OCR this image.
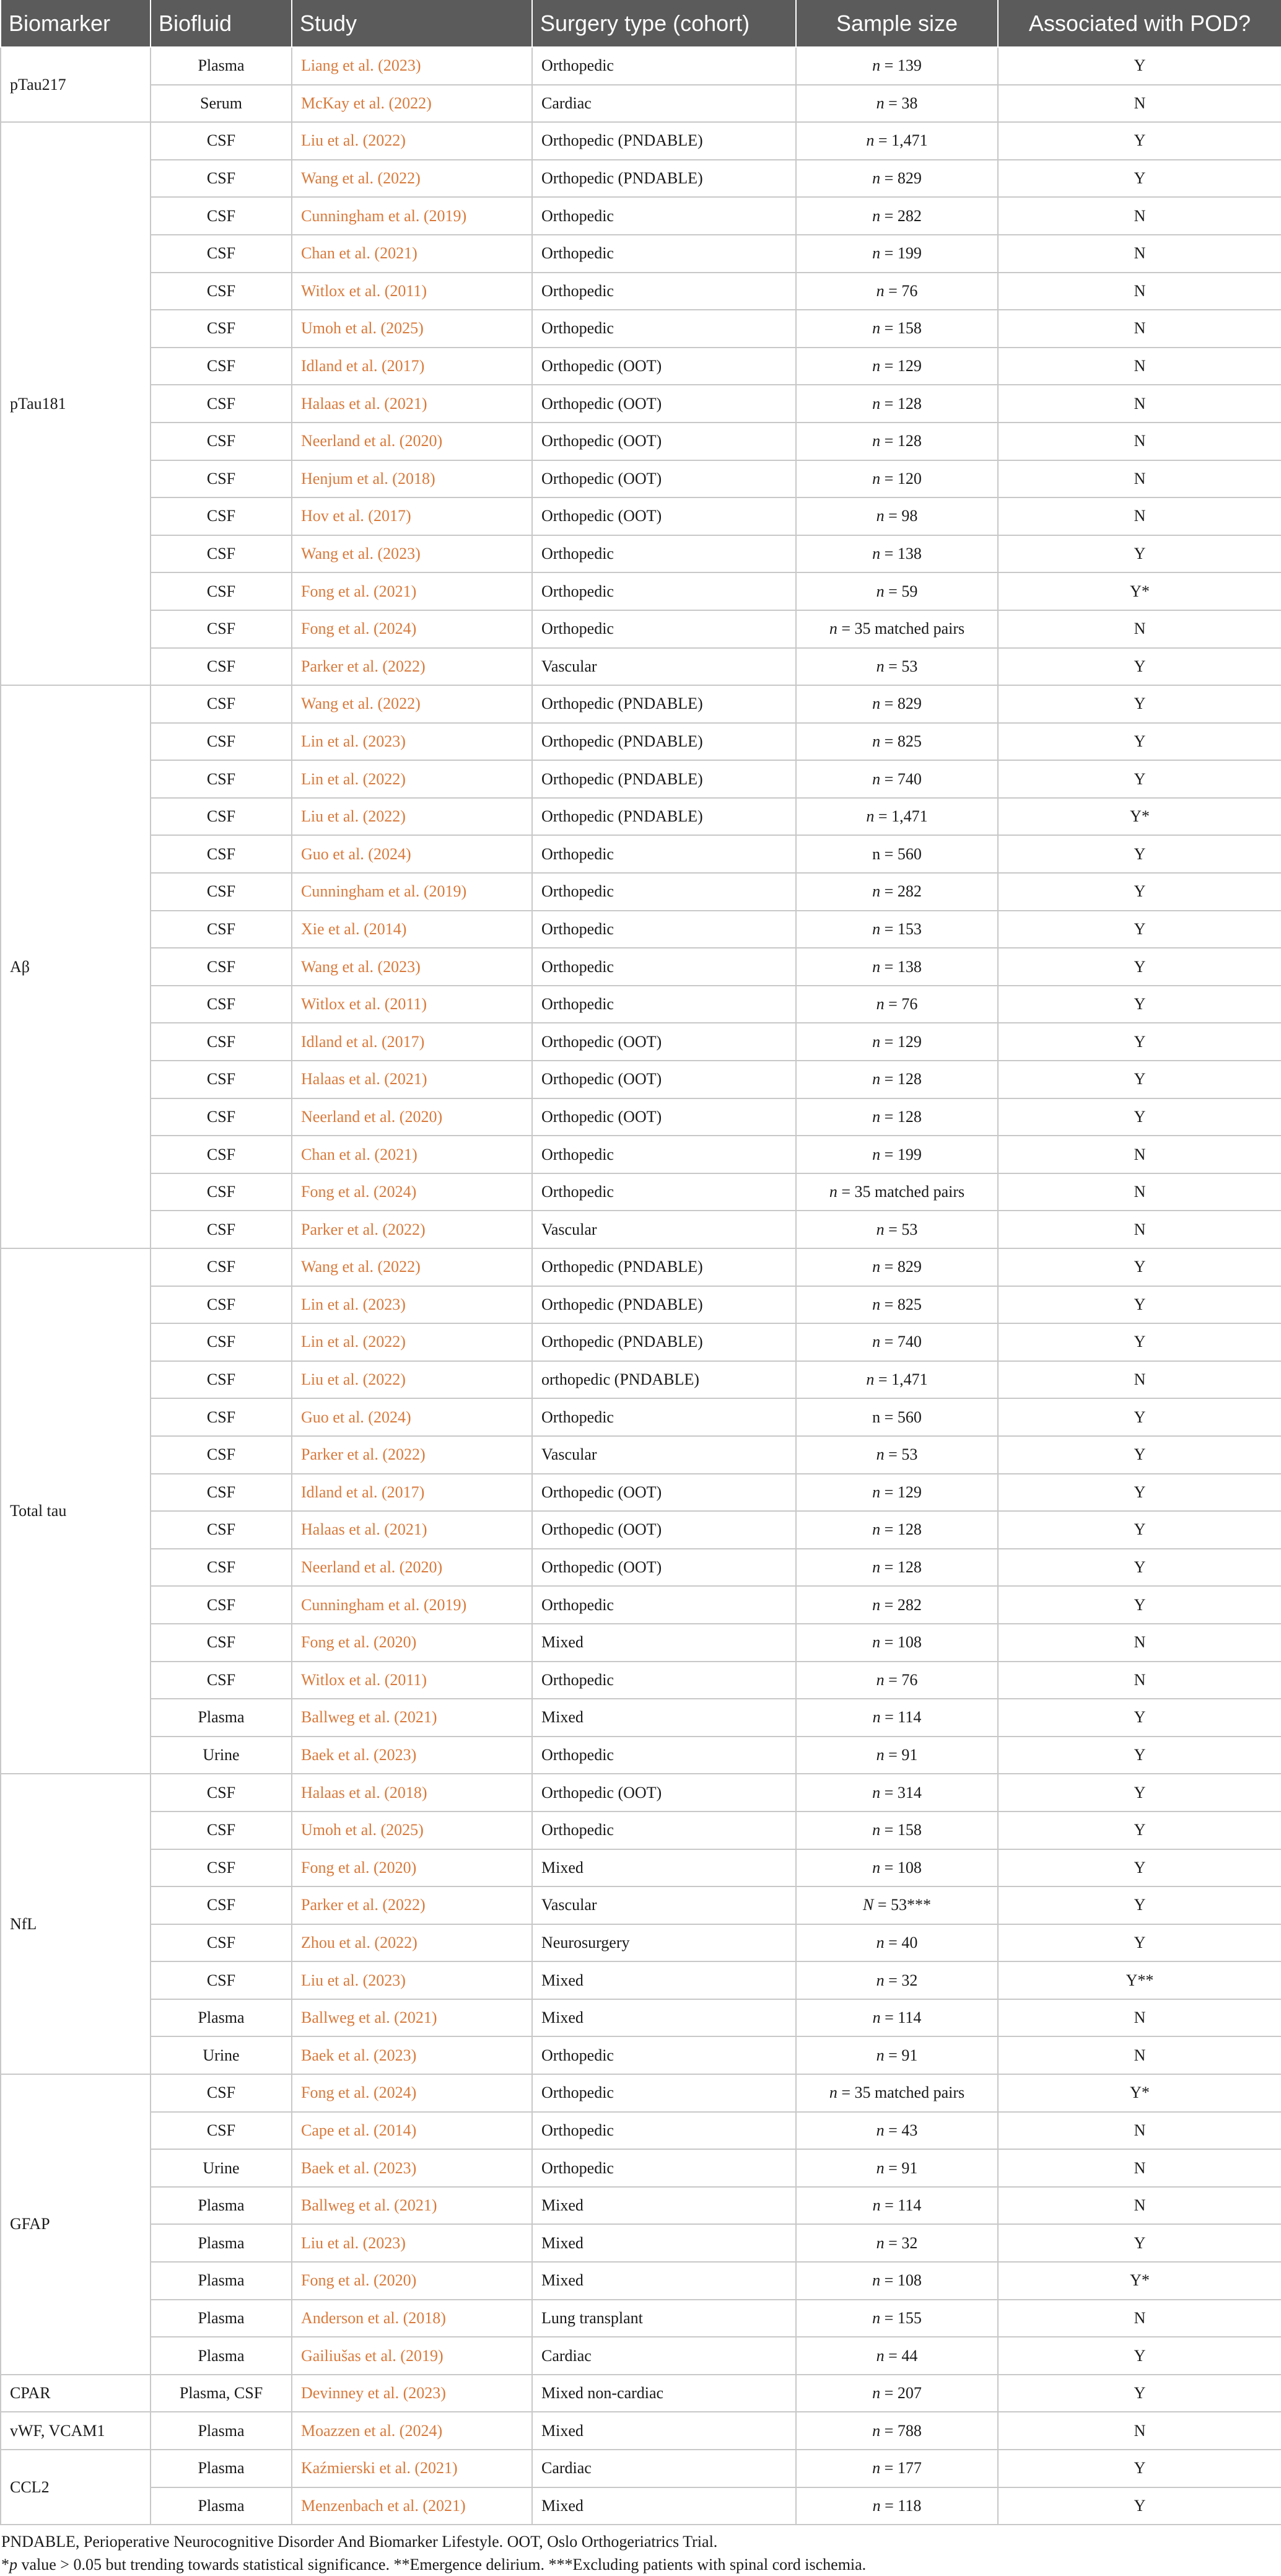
Biomarker	Biofluid	Study	Surgery type (cohort)	Sample size	Associated with POD?
pTau217	Plasma	Liang et al. (2023)	Orthopedic	n = 139	Y
	Serum	McKay et al. (2022)	Cardiac	n = 38	N
pTau181	CSF	Liu et al. (2022)	Orthopedic (PNDABLE)	n = 1,471	Y
	CSF	Wang et al. (2022)	Orthopedic (PNDABLE)	n = 829	Y
	CSF	Cunningham et al. (2019)	Orthopedic	n = 282	N
	CSF	Chan et al. (2021)	Orthopedic	n = 199	N
	CSF	Witlox et al. (2011)	Orthopedic	n = 76	N
	CSF	Umoh et al. (2025)	Orthopedic	n = 158	N
	CSF	Idland et al. (2017)	Orthopedic (OOT)	n = 129	N
	CSF	Halaas et al. (2021)	Orthopedic (OOT)	n = 128	N
	CSF	Neerland et al. (2020)	Orthopedic (OOT)	n = 128	N
	CSF	Henjum et al. (2018)	Orthopedic (OOT)	n = 120	N
	CSF	Hov et al. (2017)	Orthopedic (OOT)	n = 98	N
	CSF	Wang et al. (2023)	Orthopedic	n = 138	Y
	CSF	Fong et al. (2021)	Orthopedic	n = 59	Y*
	CSF	Fong et al. (2024)	Orthopedic	n = 35 matched pairs	N
	CSF	Parker et al. (2022)	Vascular	n = 53	Y
Aβ	CSF	Wang et al. (2022)	Orthopedic (PNDABLE)	n = 829	Y
	CSF	Lin et al. (2023)	Orthopedic (PNDABLE)	n = 825	Y
	CSF	Lin et al. (2022)	Orthopedic (PNDABLE)	n = 740	Y
	CSF	Liu et al. (2022)	Orthopedic (PNDABLE)	n = 1,471	Y*
	CSF	Guo et al. (2024)	Orthopedic	n = 560	Y
	CSF	Cunningham et al. (2019)	Orthopedic	n = 282	Y
	CSF	Xie et al. (2014)	Orthopedic	n = 153	Y
	CSF	Wang et al. (2023)	Orthopedic	n = 138	Y
	CSF	Witlox et al. (2011)	Orthopedic	n = 76	Y
	CSF	Idland et al. (2017)	Orthopedic (OOT)	n = 129	Y
	CSF	Halaas et al. (2021)	Orthopedic (OOT)	n = 128	Y
	CSF	Neerland et al. (2020)	Orthopedic (OOT)	n = 128	Y
	CSF	Chan et al. (2021)	Orthopedic	n = 199	N
	CSF	Fong et al. (2024)	Orthopedic	n = 35 matched pairs	N
	CSF	Parker et al. (2022)	Vascular	n = 53	N
Total tau	CSF	Wang et al. (2022)	Orthopedic (PNDABLE)	n = 829	Y
	CSF	Lin et al. (2023)	Orthopedic (PNDABLE)	n = 825	Y
	CSF	Lin et al. (2022)	Orthopedic (PNDABLE)	n = 740	Y
	CSF	Liu et al. (2022)	orthopedic (PNDABLE)	n = 1,471	N
	CSF	Guo et al. (2024)	Orthopedic	n = 560	Y
	CSF	Parker et al. (2022)	Vascular	n = 53	Y
	CSF	Idland et al. (2017)	Orthopedic (OOT)	n = 129	Y
	CSF	Halaas et al. (2021)	Orthopedic (OOT)	n = 128	Y
	CSF	Neerland et al. (2020)	Orthopedic (OOT)	n = 128	Y
	CSF	Cunningham et al. (2019)	Orthopedic	n = 282	Y
	CSF	Fong et al. (2020)	Mixed	n = 108	N
	CSF	Witlox et al. (2011)	Orthopedic	n = 76	N
	Plasma	Ballweg et al. (2021)	Mixed	n = 114	Y
	Urine	Baek et al. (2023)	Orthopedic	n = 91	Y
NfL	CSF	Halaas et al. (2018)	Orthopedic (OOT)	n = 314	Y
	CSF	Umoh et al. (2025)	Orthopedic	n = 158	Y
	CSF	Fong et al. (2020)	Mixed	n = 108	Y
	CSF	Parker et al. (2022)	Vascular	N = 53***	Y
	CSF	Zhou et al. (2022)	Neurosurgery	n = 40	Y
	CSF	Liu et al. (2023)	Mixed	n = 32	Y**
	Plasma	Ballweg et al. (2021)	Mixed	n = 114	N
	Urine	Baek et al. (2023)	Orthopedic	n = 91	N
GFAP	CSF	Fong et al. (2024)	Orthopedic	n = 35 matched pairs	Y*
	CSF	Cape et al. (2014)	Orthopedic	n = 43	N
	Urine	Baek et al. (2023)	Orthopedic	n = 91	N
	Plasma	Ballweg et al. (2021)	Mixed	n = 114	N
	Plasma	Liu et al. (2023)	Mixed	n = 32	Y
	Plasma	Fong et al. (2020)	Mixed	n = 108	Y*
	Plasma	Anderson et al. (2018)	Lung transplant	n = 155	N
	Plasma	Gailiušas et al. (2019)	Cardiac	n = 44	Y
CPAR	Plasma, CSF	Devinney et al. (2023)	Mixed non-cardiac	n = 207	Y
vWF, VCAM1	Plasma	Moazzen et al. (2024)	Mixed	n = 788	N
CCL2	Plasma	Kaźmierski et al. (2021)	Cardiac	n = 177	Y
	Plasma	Menzenbach et al. (2021)	Mixed	n = 118	Y
PNDABLE, Perioperative Neurocognitive Disorder And Biomarker Lifestyle. OOT, Oslo Orthogeriatrics Trial.
*p value > 0.05 but trending towards statistical significance. **Emergence delirium. ***Excluding patients with spinal cord ischemia.
